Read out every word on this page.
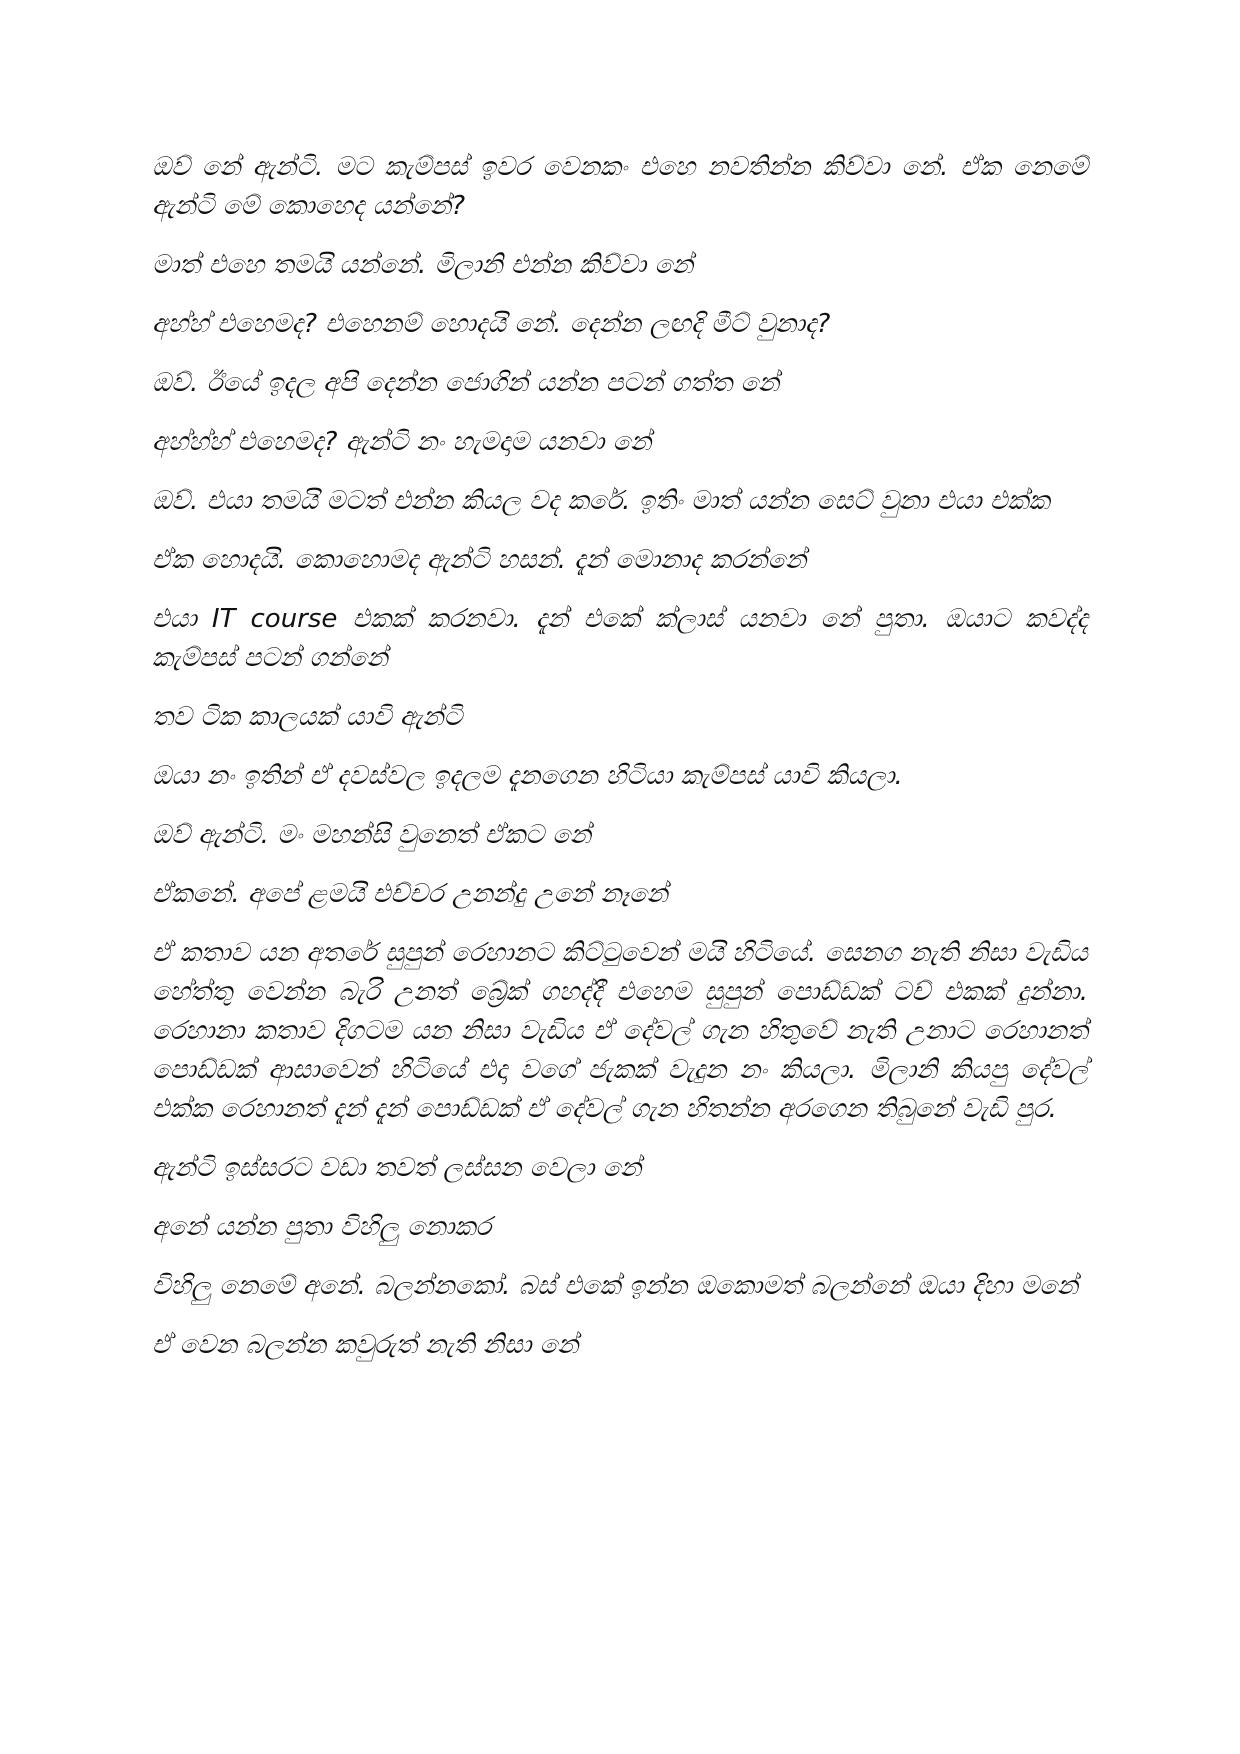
ඔව් නේ ඇන්ටි. මට කැම්පස් ඉවර වෙනකං එහෙ නවතින්න කිව්වා නේ. ඒක නෙමේ ඇන්ටි මේ කොහෙද යන්නේ?

මාත් එහෙ තමයි යන්නේ. මිලානි එන්න කිව්වා නේ

අහ්හ් එහෙමද? එහෙනම් හොදයි නේ. දෙන්න ලඟදි මීට් වුනාද?

ඔව්. ඊයේ ඉදල අපි දෙන්න ජොගින් යන්න පටන් ගත්ත නේ

අහ්හ්හ් එහෙමද? ඇන්ටි නං හැමදාම යනවා නේ

ඔව්. එයා තමයි මටත් එන්න කියල වද කරේ. ඉතිං මාත් යන්න සෙට් වුනා එයා එක්ක

ඒක හොදයි. කොහොමද ඇන්ටි හසන්. දැන් මොනාද කරන්නේ

එයා IT course එකක් කරනවා. දැන් එකේ ක්ලාස් යනවා නේ පුතා. ඔයාට කවද්ද කැම්පස් පටන් ගන්නේ

තව ටික කාලයක් යාවි ඇන්ටි

ඔයා නං ඉතින් ඒ දවස්වල ඉදලම දැනගෙන හිටියා කැම්පස් යාවි කියලා.

ඔව් ඇන්ටි. මං මහන්සි වුනෙත් ඒකට නේ

ඒකනේ. අපේ ළමයි එච්චර උනන්දු උනේ නෑනේ

ඒ කතාව යන අතරේ සුපුන් රෙහානට කිට්ටුවෙන් මයි හිටියේ. සෙනග නැති නිසා වැඩිය හේත්තු වෙන්න බැරි උනත් බ්‍රේක් ගහද්දී එහෙම සුපුන් පොඩ්ඩක් ටච් එකක් දුන්නා. රෙහානා කතාව දිගටම යන නිසා වැඩිය ඒ දේවල් ගැන හිතුවේ නැති උනාට රෙහානත් පොඩ්ඩක් ආසාවෙන් හිටියේ එදා වගේ ජැකක් වැදුන නං කියලා. මිලානි කියපු දේවල් එක්ක රෙහානත් දැන් දැන් පොඩ්ඩක් ඒ දේවල් ගැන හිතන්න අරගෙන තිබුනේ වැඩි පුර.

ඇන්ටි ඉස්සරට වඩා තවත් ලස්සන වෙලා නේ

අනේ යන්න පුතා විහිලු නොකර

විහිලු නෙමේ අනේ. බලන්නකෝ. බස් එකේ ඉන්න ඔකොමත් බලන්නේ ඔයා දිහා මනේ

ඒ වෙන බලන්න කවුරුත් නැති නිසා නේ
